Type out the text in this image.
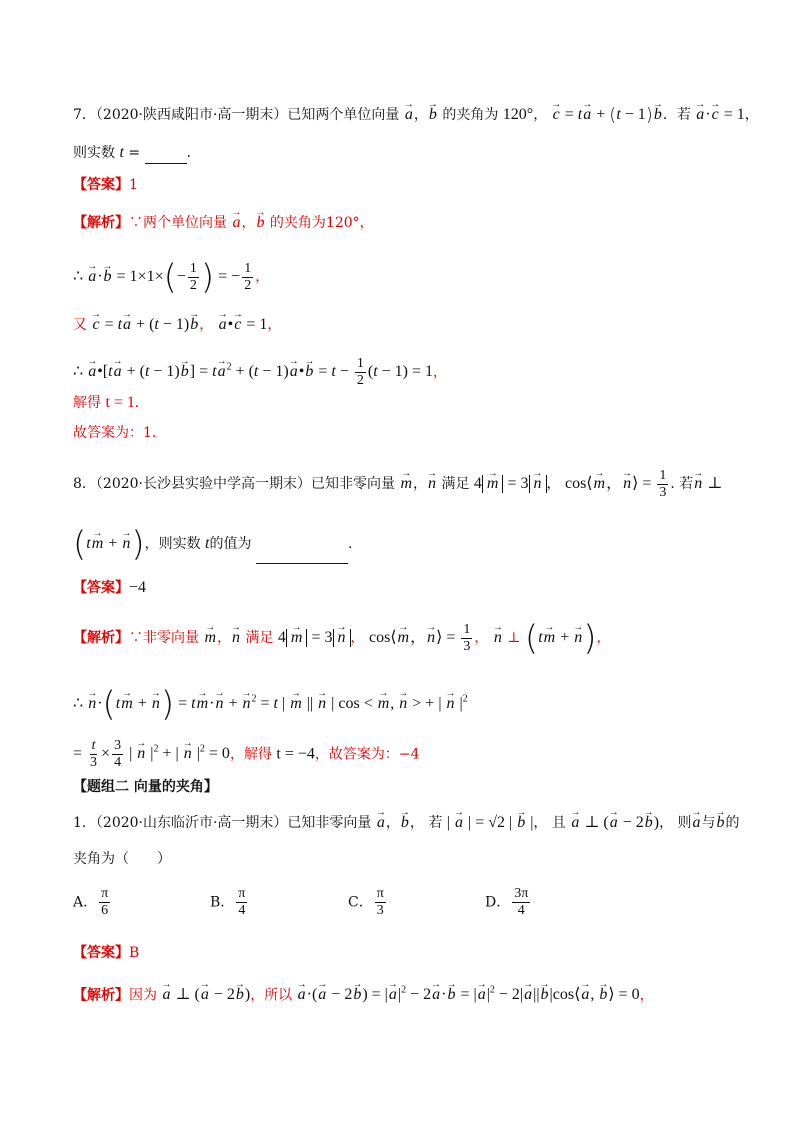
7．（2020·陕西咸阳市·高一期末）已知两个单位向量 → a，→ b 的夹角为 120°， → c = t→ a + (t − 1)→ b．若 → a·→ c = 1，
则实数 t =	.
【答案】1
【解析】∵两个单位向量 → a，→ b 的夹角为120°，
∴ → $a\cdot\to b = 1\times 1\times(- \frac{1}{2}$ ) = − $\frac{1}{2}$ ，
又 → c = t→ a + (t − 1)→ b， → a•→ c = 1，
∴ → a•[t→ $a + (t - 1)\to b] = t\to a^2 + (t - 1)\to$ a•→ $b = t - \frac{1}{2} (t - 1) = 1$，
解得 t = 1.
故答案为：1.
8．（2020·长沙县实验中学高一期末）已知非零向量 → m，→ n 满足 4 → m = 3 → n ， cos⟨→ m，→ n⟩ = $\frac{1}{3}$ . 若→ n ⊥
(t→ m + → n)，则实数 t的值为	.
【答案】−4
【解析】∵非零向量 → m，→ n 满足 4 → m = 3 → n ， cos⟨→ m，→ n⟩ = $\frac{1}{3}$ ， → n ⊥ (t→ m + → n)，
∴ → n·(t→ m + → n) = t→ m·→ n + → $n^2 = t$ | → m || → n | cos < → m, → n > + | → n $|^2$
= $\frac{t}{3} \times \frac{3}{4}$ | → n $|^2$ + | → n $|^2 = 0$，解得 t = −4，故答案为：−4
【题组二 向量的夹角】
1．（2020·山东临沂市·高一期末）已知非零向量 → a，→ b， 若 | → a | = √2 | → b |， 且 → a ⊥ (→ a − 2→ b)， 则→ a与→ b的
夹角为（　　）
A． $\frac{\pi}{6}$	B． $\frac{\pi}{4}$	C． $\frac{\pi}{3}$	D． $\frac{3\pi}{4}$
【答案】B
【解析】因为 → a ⊥ (→ a − 2→ b)，所以 → a·(→ a − 2→ b) = |→ $a|^2 - 2\to a\cdot\to b$ = |→ $a|^2 - 2|\to a||\to$ b|cos⟨→ a, → b⟩ = 0，
